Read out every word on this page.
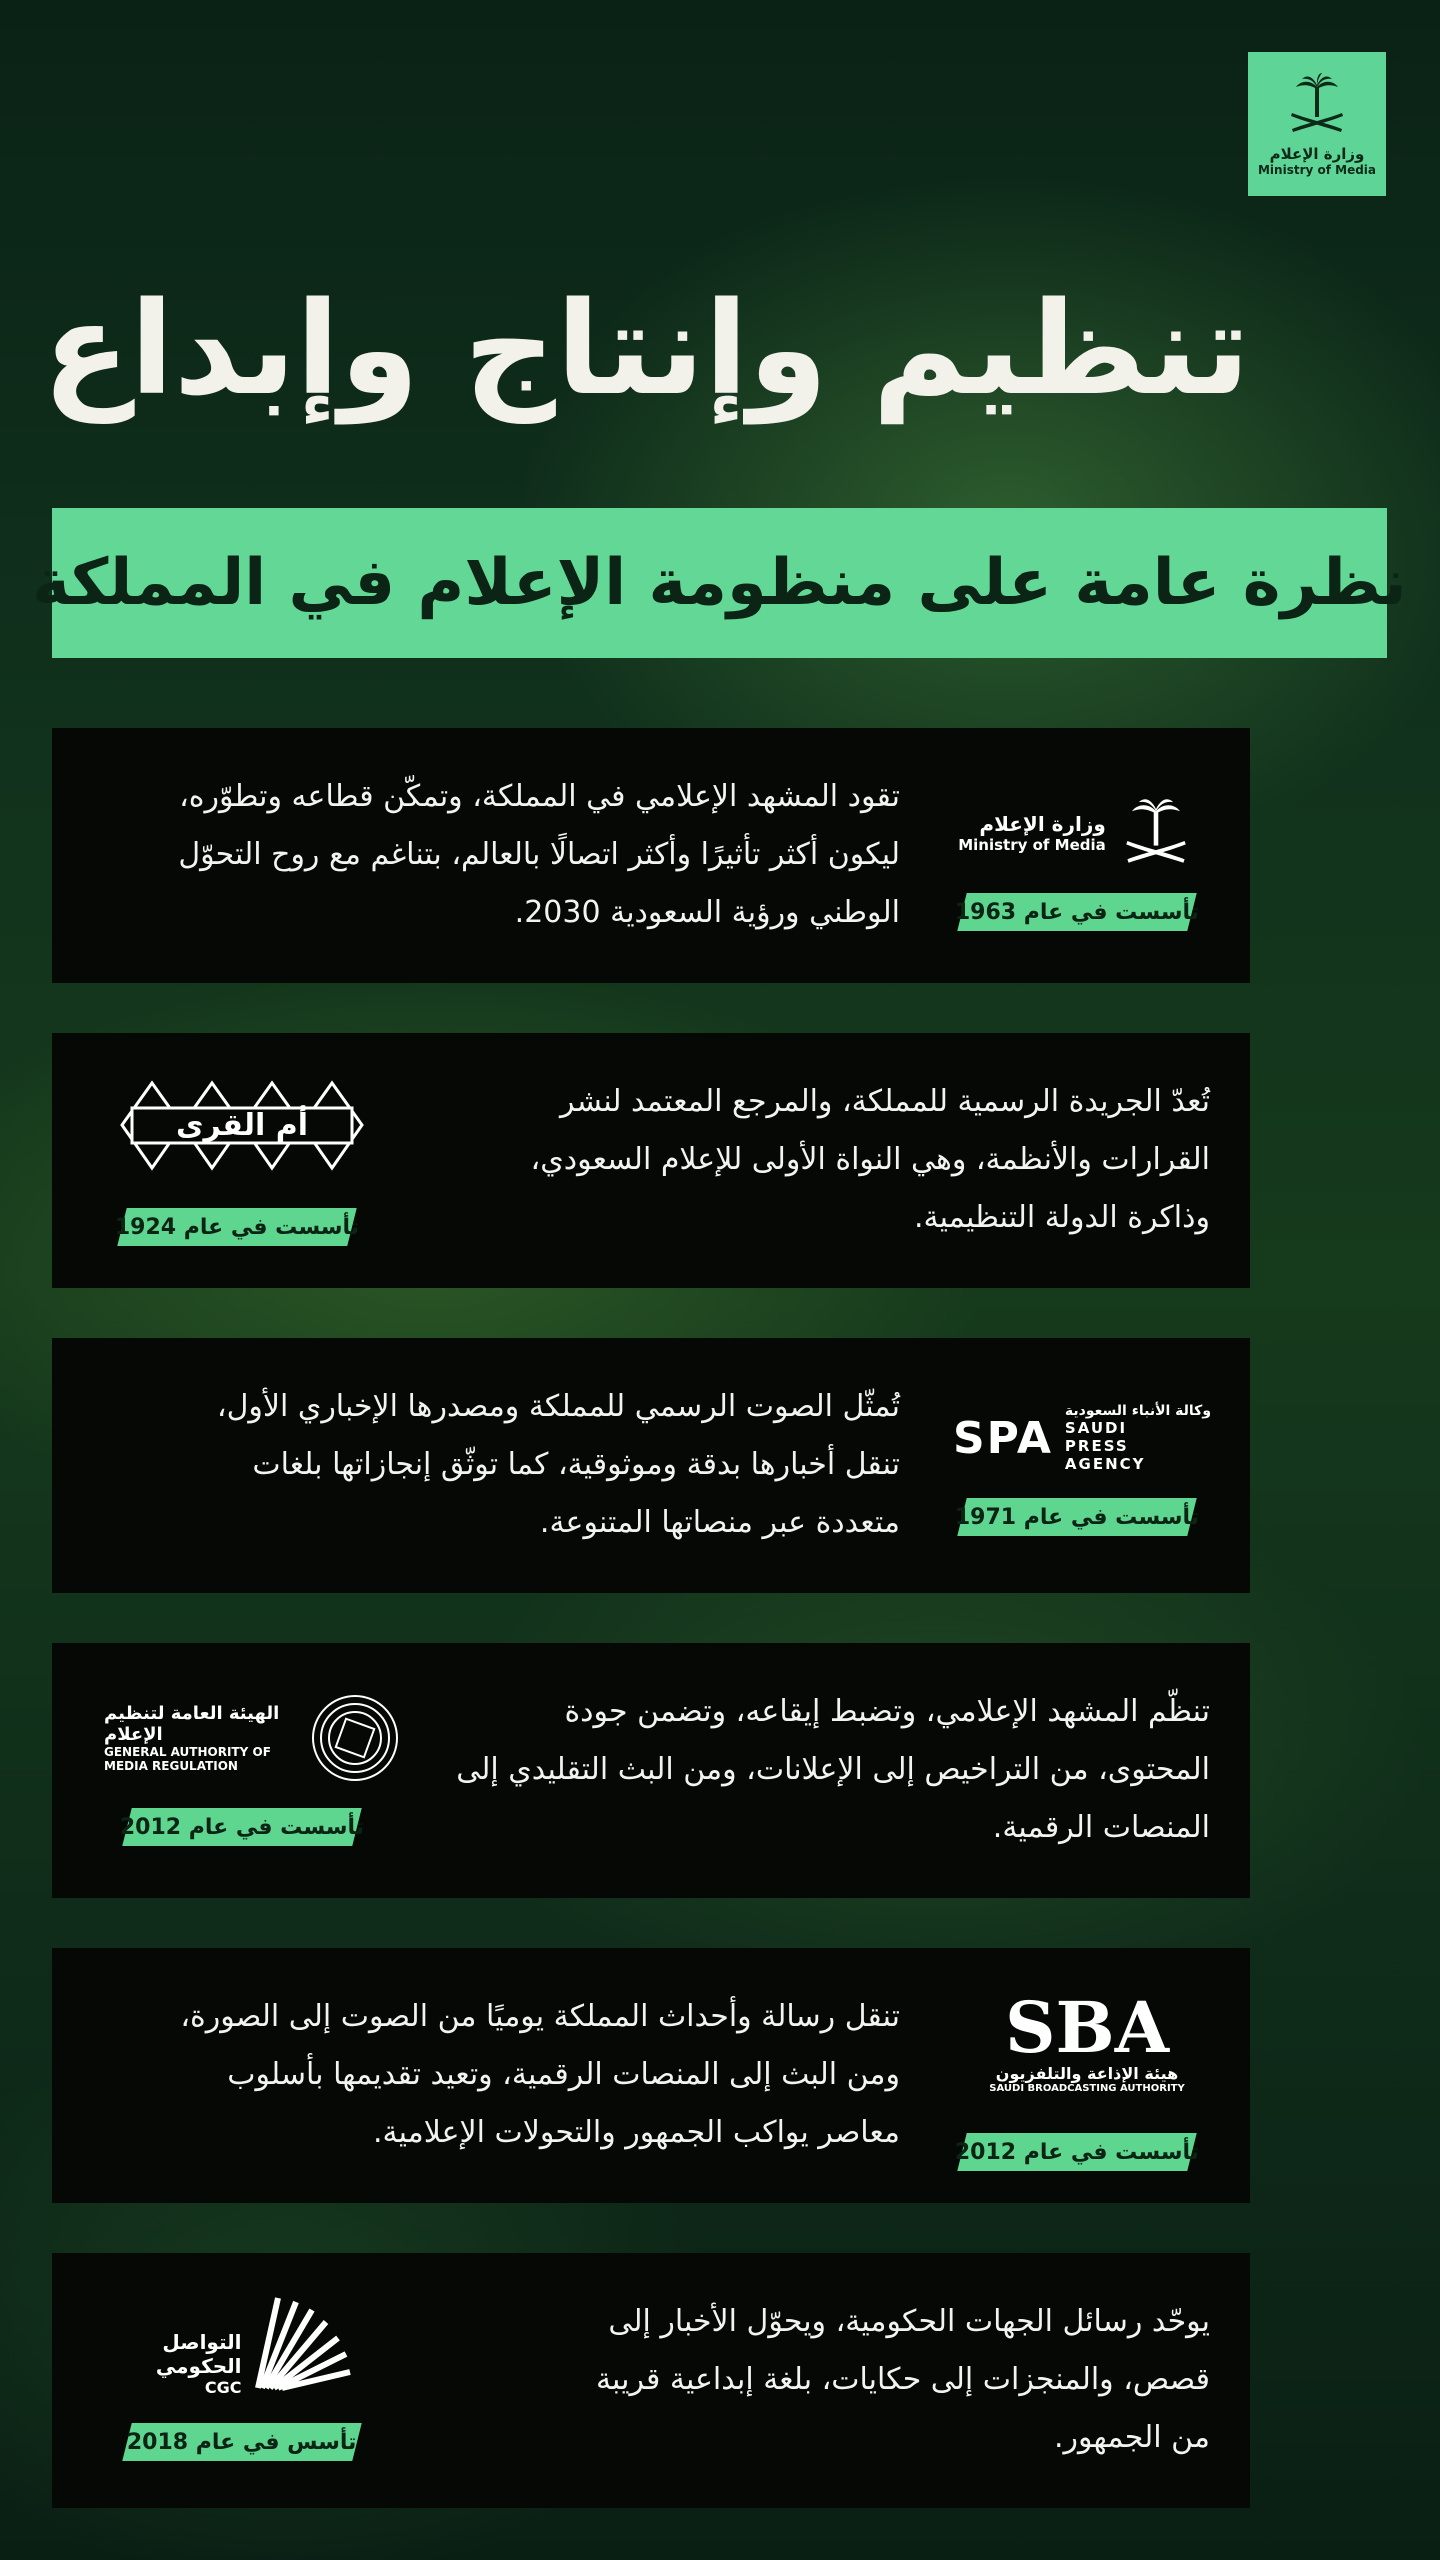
وزارة الإعلام
Ministry of Media
تنظيم وإنتاج وإبداع
نظرة عامة على منظومة الإعلام في المملكة
تقود المشهد الإعلامي في المملكة، وتمكّن قطاعه وتطوّره،
ليكون أكثر تأثيرًا وأكثر اتصالًا بالعالم، بتناغم مع روح التحوّل
الوطني ورؤية السعودية 2030.
وزارة الإعلام
Ministry of Media
تأسست في عام 1963
تُعدّ الجريدة الرسمية للمملكة، والمرجع المعتمد لنشر
القرارات والأنظمة، وهي النواة الأولى للإعلام السعودي،
وذاكرة الدولة التنظيمية.
أم القرى
تأسست في عام 1924
تُمثّل الصوت الرسمي للمملكة ومصدرها الإخباري الأول،
تنقل أخبارها بدقة وموثوقية، كما توثّق إنجازاتها بلغات
متعددة عبر منصاتها المتنوعة.
SPA
وكالة الأنباء السعودية
SAUDI PRESS AGENCY
تأسست في عام 1971
تنظّم المشهد الإعلامي، وتضبط إيقاعه، وتضمن جودة
المحتوى، من التراخيص إلى الإعلانات، ومن البث التقليدي إلى
المنصات الرقمية.
الهيئة العامة لتنظيم الإعلام
GENERAL AUTHORITY OF MEDIA REGULATION
تأسست في عام 2012
تنقل رسالة وأحداث المملكة يوميًا من الصوت إلى الصورة،
ومن البث إلى المنصات الرقمية، وتعيد تقديمها بأسلوب
معاصر يواكب الجمهور والتحولات الإعلامية.
SBA
هيئة الإذاعة والتلفزيون
SAUDI BROADCASTING AUTHORITY
تأسست في عام 2012
يوحّد رسائل الجهات الحكومية، ويحوّل الأخبار إلى
قصص، والمنجزات إلى حكايات، بلغة إبداعية قريبة
من الجمهور.
التواصل الحكومي
CGC
تأسس في عام 2018
